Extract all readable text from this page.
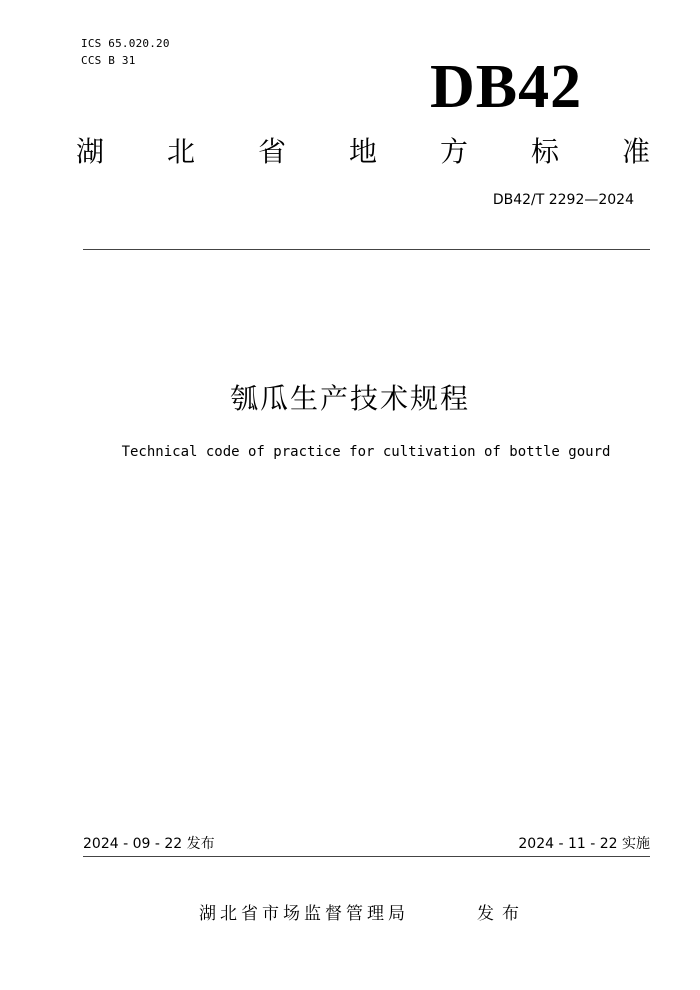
ICS 65.020.20
CCS B 31	DB42
湖 北 省 地 方 标 准
DB42/T 2292—2024
瓠瓜生产技术规程
Technical code of practice for cultivation of bottle gourd
2024 - 09 - 22 发布	2024 - 11 - 22 实施
湖北省市场监督管理局	发布
